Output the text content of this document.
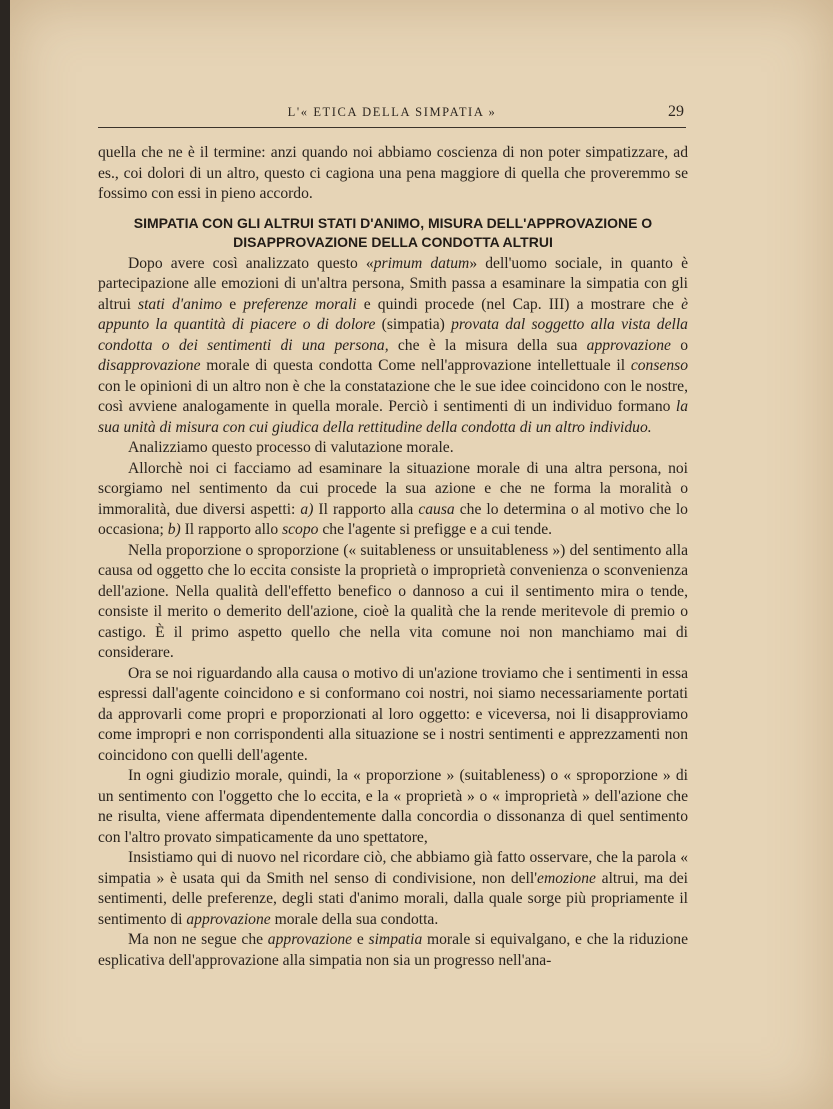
L'« ETICA DELLA SIMPATIA »	29

quella che ne è il termine: anzi quando noi abbiamo coscienza di non poter simpatizzare, ad es., coi dolori di un altro, questo ci cagiona una pena maggiore di quella che proveremmo se fossimo con essi in pieno accordo.

SIMPATIA CON GLI ALTRUI STATI D'ANIMO, MISURA DELL'APPROVAZIONE O DISAPPROVAZIONE DELLA CONDOTTA ALTRUI

Dopo avere così analizzato questo «primum datum» dell'uomo sociale, in quanto è partecipazione alle emozioni di un'altra persona, Smith passa a esaminare la simpatia con gli altrui stati d'animo e preferenze morali e quindi procede (nel Cap. III) a mostrare che è appunto la quantità di piacere o di dolore (simpatia) provata dal soggetto alla vista della condotta o dei sentimenti di una persona, che è la misura della sua approvazione o disapprovazione morale di questa condotta Come nell'approvazione intellettuale il consenso con le opinioni di un altro non è che la constatazione che le sue idee coincidono con le nostre, così avviene analogamente in quella morale. Perciò i sentimenti di un individuo formano la sua unità di misura con cui giudica della rettitudine della condotta di un altro individuo.

Analizziamo questo processo di valutazione morale.

Allorchè noi ci facciamo ad esaminare la situazione morale di una altra persona, noi scorgiamo nel sentimento da cui procede la sua azione e che ne forma la moralità o immoralità, due diversi aspetti: a) Il rapporto alla causa che lo determina o al motivo che lo occasiona; b) Il rapporto allo scopo che l'agente si prefigge e a cui tende.

Nella proporzione o sproporzione (« suitableness or unsuitableness ») del sentimento alla causa od oggetto che lo eccita consiste la proprietà o improprietà convenienza o sconvenienza dell'azione. Nella qualità dell'effetto benefico o dannoso a cui il sentimento mira o tende, consiste il merito o demerito dell'azione, cioè la qualità che la rende meritevole di premio o castigo. È il primo aspetto quello che nella vita comune noi non manchiamo mai di considerare.

Ora se noi riguardando alla causa o motivo di un'azione troviamo che i sentimenti in essa espressi dall'agente coincidono e si conformano coi nostri, noi siamo necessariamente portati da approvarli come propri e proporzionati al loro oggetto: e viceversa, noi li disapproviamo come impropri e non corrispondenti alla situazione se i nostri sentimenti e apprezzamenti non coincidono con quelli dell'agente.

In ogni giudizio morale, quindi, la « proporzione » (suitableness) o « sproporzione » di un sentimento con l'oggetto che lo eccita, e la « proprietà » o « improprietà » dell'azione che ne risulta, viene affermata dipendentemente dalla concordia o dissonanza di quel sentimento con l'altro provato simpaticamente da uno spettatore,

Insistiamo qui di nuovo nel ricordare ciò, che abbiamo già fatto osservare, che la parola « simpatia » è usata qui da Smith nel senso di condivisione, non dell'emozione altrui, ma dei sentimenti, delle preferenze, degli stati d'animo morali, dalla quale sorge più propriamente il sentimento di approvazione morale della sua condotta.

Ma non ne segue che approvazione e simpatia morale si equivalgano, e che la riduzione esplicativa dell'approvazione alla simpatia non sia un progresso nell'ana-
